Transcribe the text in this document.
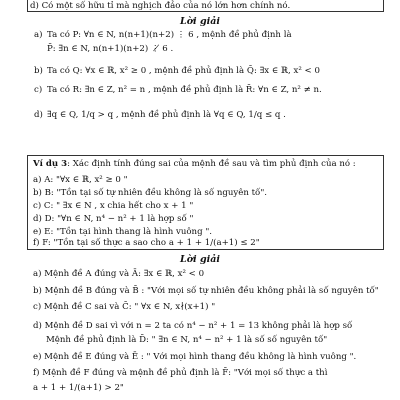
d) Có một số hữu tỉ mà nghịch đảo của nó lớn hơn chính nó.
Lời giải
a) Ta có P: ∀n ∈ N, n(n+1)(n+2) ⋮ 6 , mệnh đề phủ định là
P̄: ∃n ∈ N, n(n+1)(n+2) ⋮̸ 6 .
b) Ta có Q: ∀x ∈ ℝ, x² ≥ 0 , mệnh đề phủ định là Q̄: ∃x ∈ ℝ, x² < 0
c) Ta có R: ∃n ∈ Z, n² = n , mệnh đề phủ định là R̄: ∀n ∈ Z, n² ≠ n.
d) ∃q ∈ Q, 1/q > q , mệnh đề phủ định là ∀q ∈ Q, 1/q ≤ q .
Ví dụ 3: Xác định tính đúng sai của mệnh đề sau và tìm phủ định của nó :
a) A: "∀x ∈ ℝ, x² ≥ 0 "
b) B: "Tồn tại số tự nhiên đều không là số nguyên tố".
c) C: " ∃x ∈ N , x chia hết cho x + 1 "
d) D: "∀n ∈ N, n⁴ − n² + 1 là hợp số "
e) E: "Tồn tại hình thang là hình vuông ".
f) F: "Tồn tại số thực a sao cho a + 1 + 1/(a+1) ≤ 2"
Lời giải
a) Mệnh đề A đúng và Ā: ∃x ∈ ℝ, x² < 0
b) Mệnh đề B đúng và B̄ : "Với mọi số tự nhiên đều không phải là số nguyên tố"
c) Mệnh đề C sai và C̄: " ∀x ∈ N, x∤(x+1) "
d) Mệnh đề D sai vì với n = 2 ta có n⁴ − n² + 1 = 13 không phải là hợp số
Mệnh đề phủ định là D̄: " ∃n ∈ N, n⁴ − n² + 1 là số số nguyên tố"
e) Mệnh đề E đúng và Ē : " Với mọi hình thang đều không là hình vuông ".
f) Mệnh đề F đúng và mệnh đề phủ định là F̄: "Với mọi số thực a thì
a + 1 + 1/(a+1) > 2"
